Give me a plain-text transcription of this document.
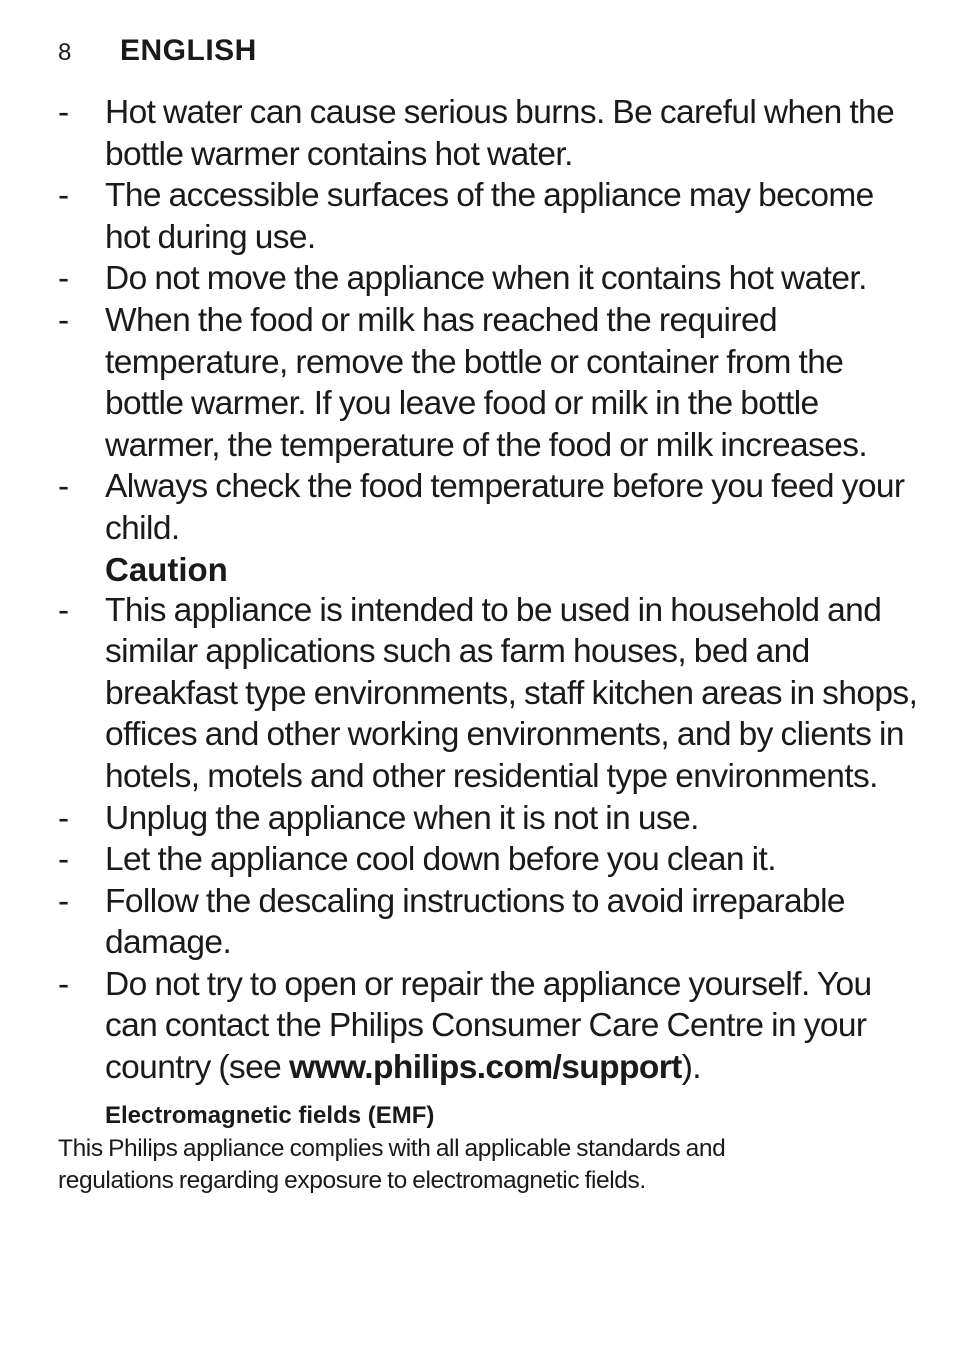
8	ENGLISH
-	Hot water can cause serious burns. Be careful when the bottle warmer contains hot water.
-	The accessible surfaces of the appliance may become hot during use.
-	Do not move the appliance when it contains hot water.
-	When the food or milk has reached the required temperature, remove the bottle or container from the bottle warmer. If you leave food or milk in the bottle warmer, the temperature of the food or milk increases.
-	Always check the food temperature before you feed your child.
Caution
-	This appliance is intended to be used in household and similar applications such as farm houses, bed and breakfast type environments, staff kitchen areas in shops, offices and other working environments, and by clients in hotels, motels and other residential type environments.
-	Unplug the appliance when it is not in use.
-	Let the appliance cool down before you clean it.
-	Follow the descaling instructions to avoid irreparable damage.
-	Do not try to open or repair the appliance yourself. You can contact the Philips Consumer Care Centre in your country (see www.philips.com/support).
Electromagnetic fields (EMF)

This Philips appliance complies with all applicable standards and regulations regarding exposure to electromagnetic fields.
